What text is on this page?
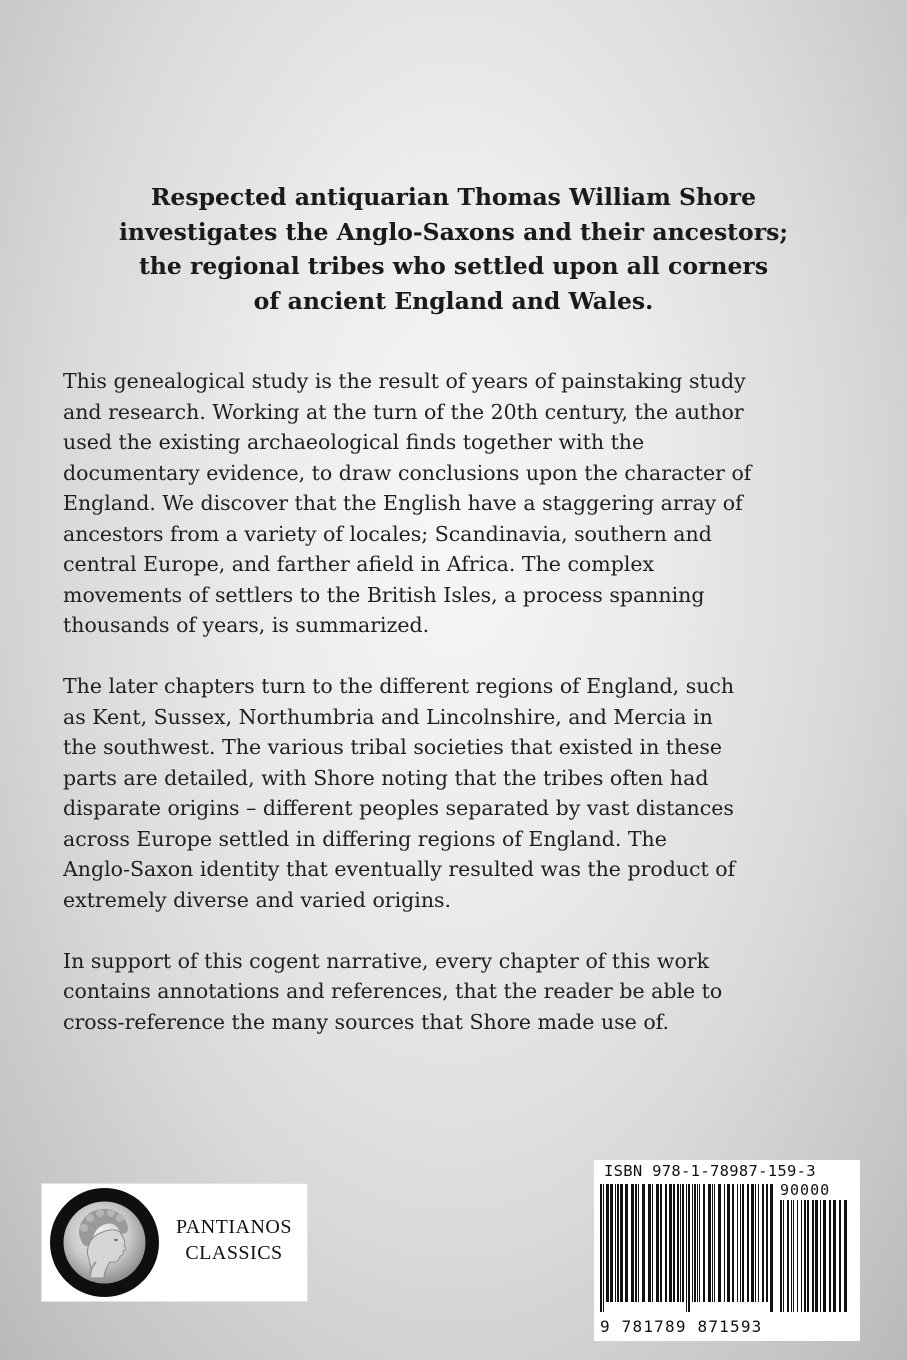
Respected antiquarian Thomas William Shore
investigates the Anglo-Saxons and their ancestors;
the regional tribes who settled upon all corners
of ancient England and Wales.

This genealogical study is the result of years of painstaking study
and research. Working at the turn of the 20th century, the author
used the existing archaeological finds together with the
documentary evidence, to draw conclusions upon the character of
England. We discover that the English have a staggering array of
ancestors from a variety of locales; Scandinavia, southern and
central Europe, and farther afield in Africa. The complex
movements of settlers to the British Isles, a process spanning
thousands of years, is summarized.

The later chapters turn to the different regions of England, such
as Kent, Sussex, Northumbria and Lincolnshire, and Mercia in
the southwest. The various tribal societies that existed in these
parts are detailed, with Shore noting that the tribes often had
disparate origins – different peoples separated by vast distances
across Europe settled in differing regions of England. The
Anglo-Saxon identity that eventually resulted was the product of
extremely diverse and varied origins.

In support of this cogent narrative, every chapter of this work
contains annotations and references, that the reader be able to
cross-reference the many sources that Shore made use of.

PANTIANOS
CLASSICS
ISBN 978-1-78987-159-3
90000
9 781789 871593
